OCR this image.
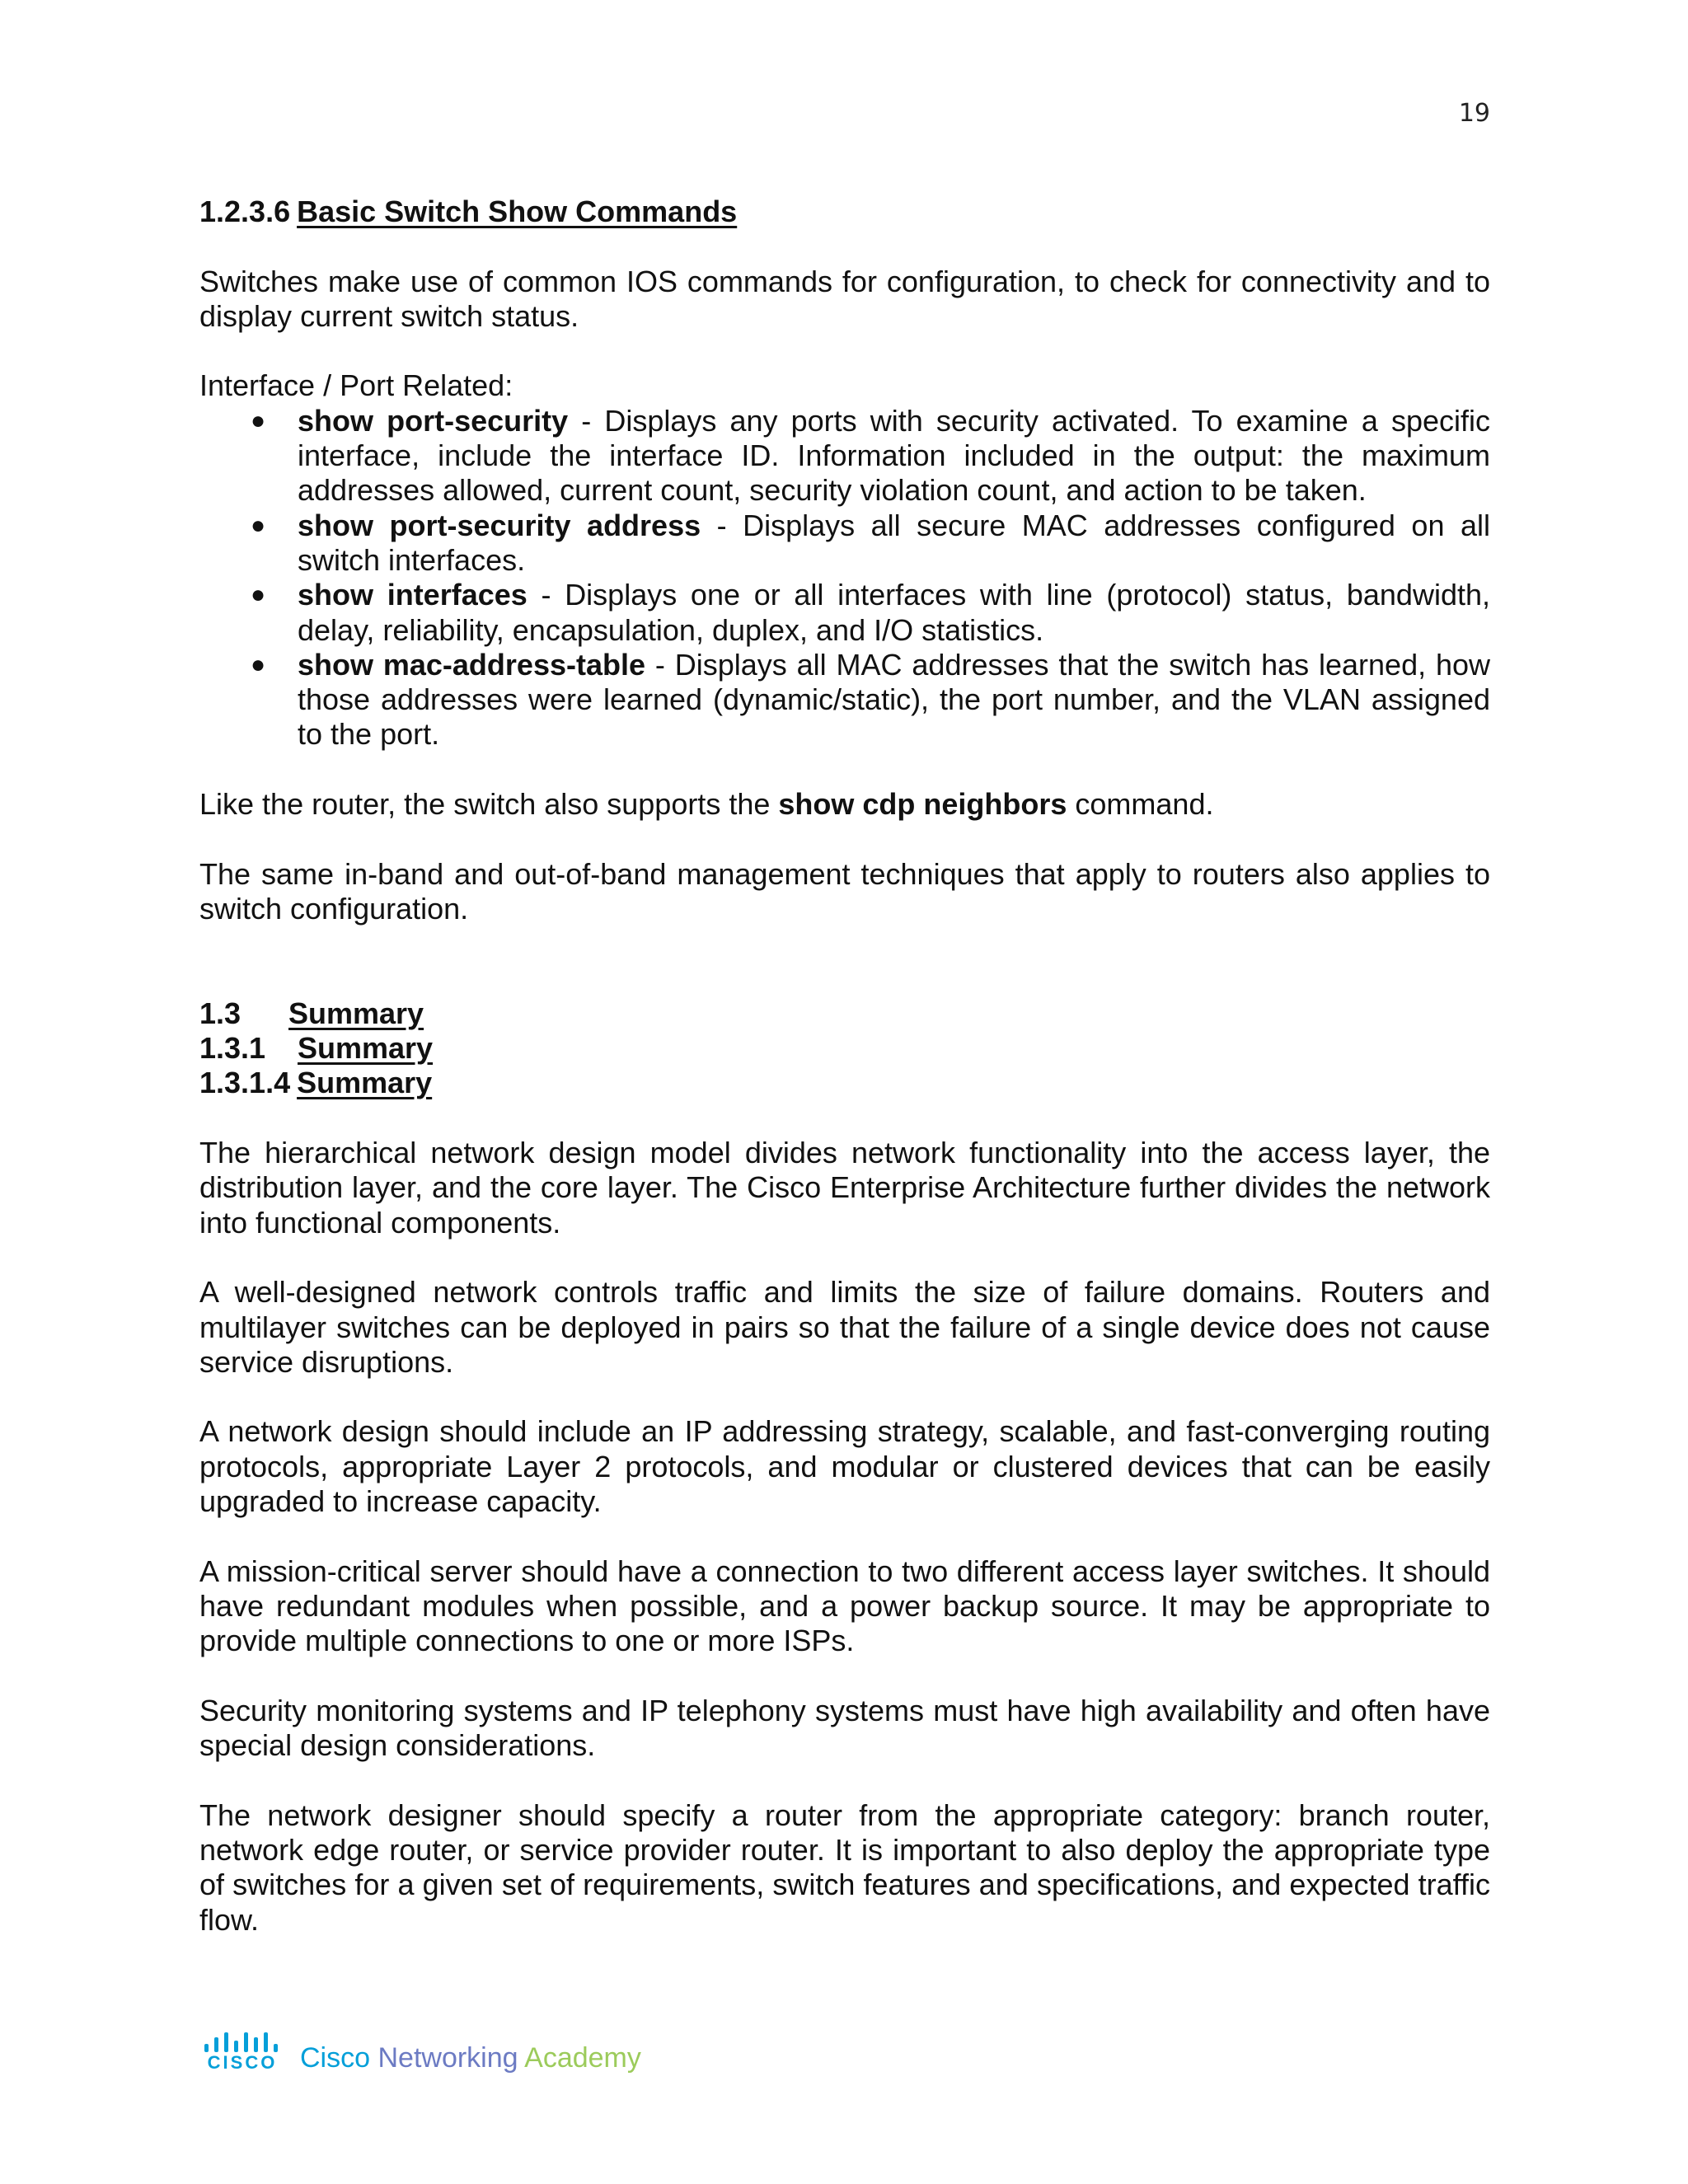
19
1.2.3.6 Basic Switch Show Commands

Switches make use of common IOS commands for configuration, to check for connectivity and to display current switch status.

Interface / Port Related:

● show port-security - Displays any ports with security activated. To examine a specific interface, include the interface ID. Information included in the output: the maximum addresses allowed, current count, security violation count, and action to be taken.
● show port-security address - Displays all secure MAC addresses configured on all switch interfaces.
● show interfaces - Displays one or all interfaces with line (protocol) status, bandwidth, delay, reliability, encapsulation, duplex, and I/O statistics.
● show mac-address-table - Displays all MAC addresses that the switch has learned, how those addresses were learned (dynamic/static), the port number, and the VLAN assigned to the port.

Like the router, the switch also supports the show cdp neighbors command.

The same in-band and out-of-band management techniques that apply to routers also applies to switch configuration.

1.3	Summary
1.3.1	Summary
1.3.1.4 Summary

The hierarchical network design model divides network functionality into the access layer, the distribution layer, and the core layer. The Cisco Enterprise Architecture further divides the network into functional components.

A well-designed network controls traffic and limits the size of failure domains. Routers and multilayer switches can be deployed in pairs so that the failure of a single device does not cause service disruptions.

A network design should include an IP addressing strategy, scalable, and fast-converging routing protocols, appropriate Layer 2 protocols, and modular or clustered devices that can be easily upgraded to increase capacity.

A mission-critical server should have a connection to two different access layer switches. It should have redundant modules when possible, and a power backup source. It may be appropriate to provide multiple connections to one or more ISPs.

Security monitoring systems and IP telephony systems must have high availability and often have special design considerations.

The network designer should specify a router from the appropriate category: branch router, network edge router, or service provider router. It is important to also deploy the appropriate type of switches for a given set of requirements, switch features and specifications, and expected traffic flow.

CISCO Cisco Networking Academy
